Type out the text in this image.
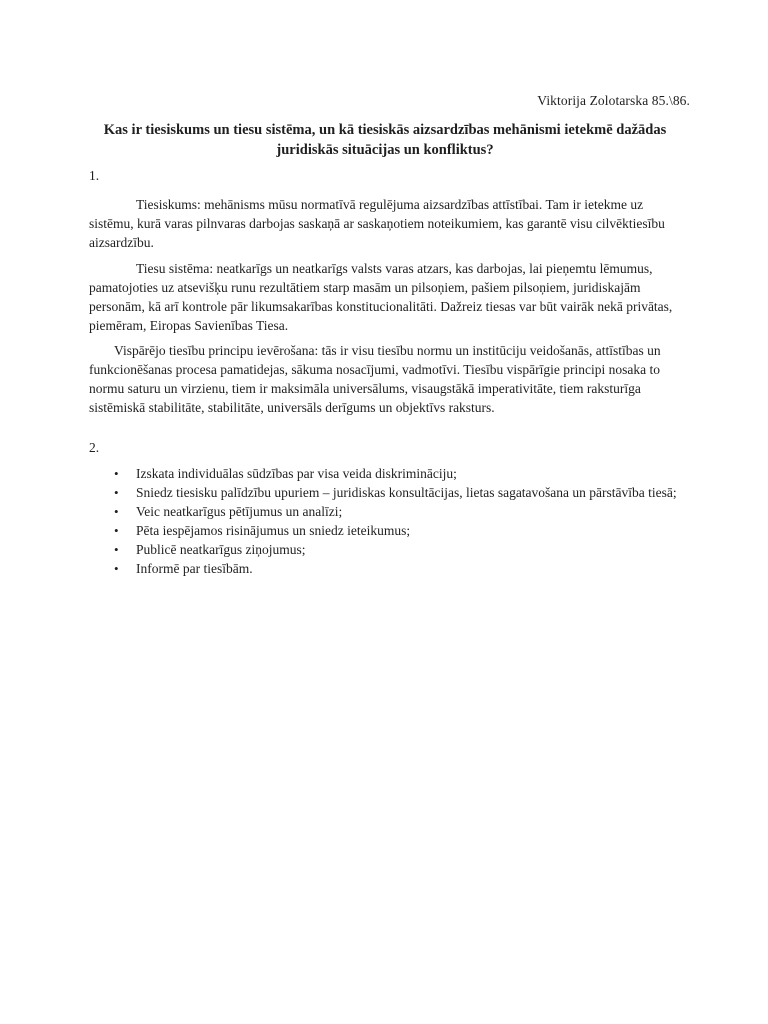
Viktorija Zolotarska 85.\86.
Kas ir tiesiskums un tiesu sistēma, un kā tiesiskās aizsardzības mehānismi ietekmē dažādas juridiskās situācijas un konfliktus?
1.
Tiesiskums: mehānisms mūsu normatīvā regulējuma aizsardzības attīstībai. Tam ir ietekme uz sistēmu, kurā varas pilnvaras darbojas saskaņā ar saskaņotiem noteikumiem, kas garantē visu cilvēktiesību aizsardzību.
Tiesu sistēma: neatkarīgs un neatkarīgs valsts varas atzars, kas darbojas, lai pieņemtu lēmumus, pamatojoties uz atsevišķu runu rezultātiem starp masām un pilsoņiem, pašiem pilsoņiem, juridiskajām personām, kā arī kontrole pār likumsakarības konstitucionalitāti. Dažreiz tiesas var būt vairāk nekā privātas, piemēram, Eiropas Savienības Tiesa.
Vispārējo tiesību principu ievērošana: tās ir visu tiesību normu un institūciju veidošanās, attīstības un funkcionēšanas procesa pamatidejas, sākuma nosacījumi, vadmotīvi. Tiesību vispārīgie principi nosaka to normu saturu un virzienu, tiem ir maksimāla universālums, visaugstākā imperativitāte, tiem raksturīga sistēmiskā stabilitāte, stabilitāte, universāls derīgums un objektīvs raksturs.
2.
• Izskata individuālas sūdzības par visa veida diskrimināciju;
• Sniedz tiesisku palīdzību upuriem – juridiskas konsultācijas, lietas sagatavošana un pārstāvība tiesā;
• Veic neatkarīgus pētījumus un analīzi;
• Pēta iespējamos risinājumus un sniedz ieteikumus;
• Publicē neatkarīgus ziņojumus;
• Informē par tiesībām.
